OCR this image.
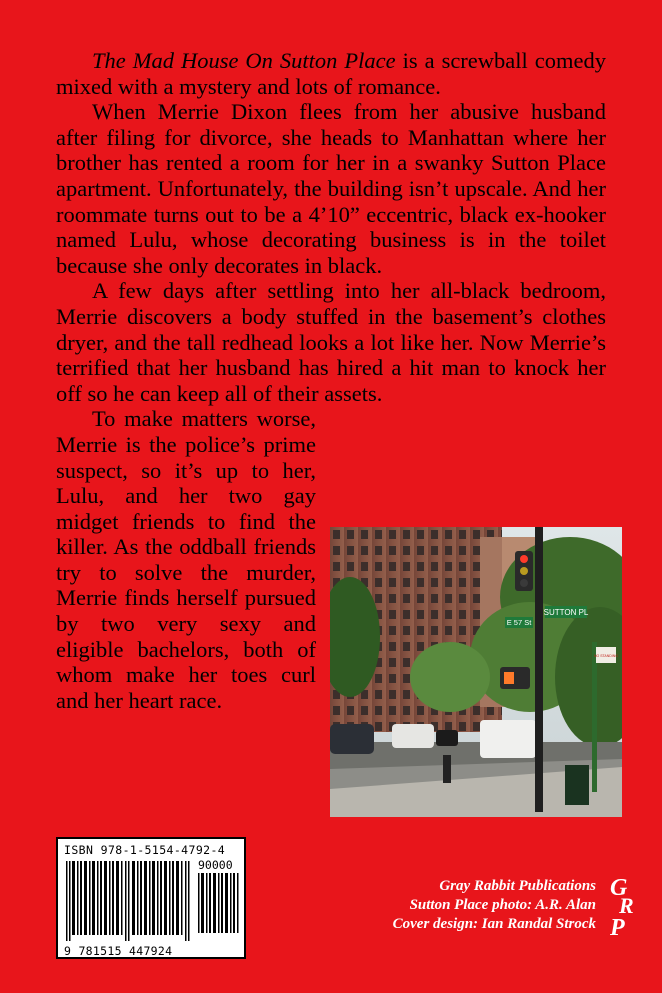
The Mad House On Sutton Place is a screwball comedy mixed with a mystery and lots of romance.

When Merrie Dixon flees from her abusive husband after filing for divorce, she heads to Manhattan where her brother has rented a room for her in a swanky Sutton Place apartment. Unfortunately, the building isn’t upscale. And her roommate turns out to be a 4’10” eccentric, black ex-hooker named Lulu, whose decorating business is in the toilet because she only decorates in black.

A few days after settling into her all-black bedroom, Merrie discovers a body stuffed in the basement’s clothes dryer, and the tall redhead looks a lot like her. Now Merrie’s terrified that her husband has hired a hit man to knock her off so he can keep all of their assets.

To make matters worse, Merrie is the police’s prime suspect, so it’s up to her, Lulu, and her two gay midget friends to find the killer. As the oddball friends try to solve the murder, Merrie finds herself pursued by two very sexy and eligible bachelors, both of whom make her toes curl and her heart race.

SUTTON PL
E 57 St
NO STANDING
ISBN 978-1-5154-4792-4
90000
9 781515 447924
Gray Rabbit Publications
Sutton Place photo: A.R. Alan
Cover design: Ian Randal Strock
G
R
P
